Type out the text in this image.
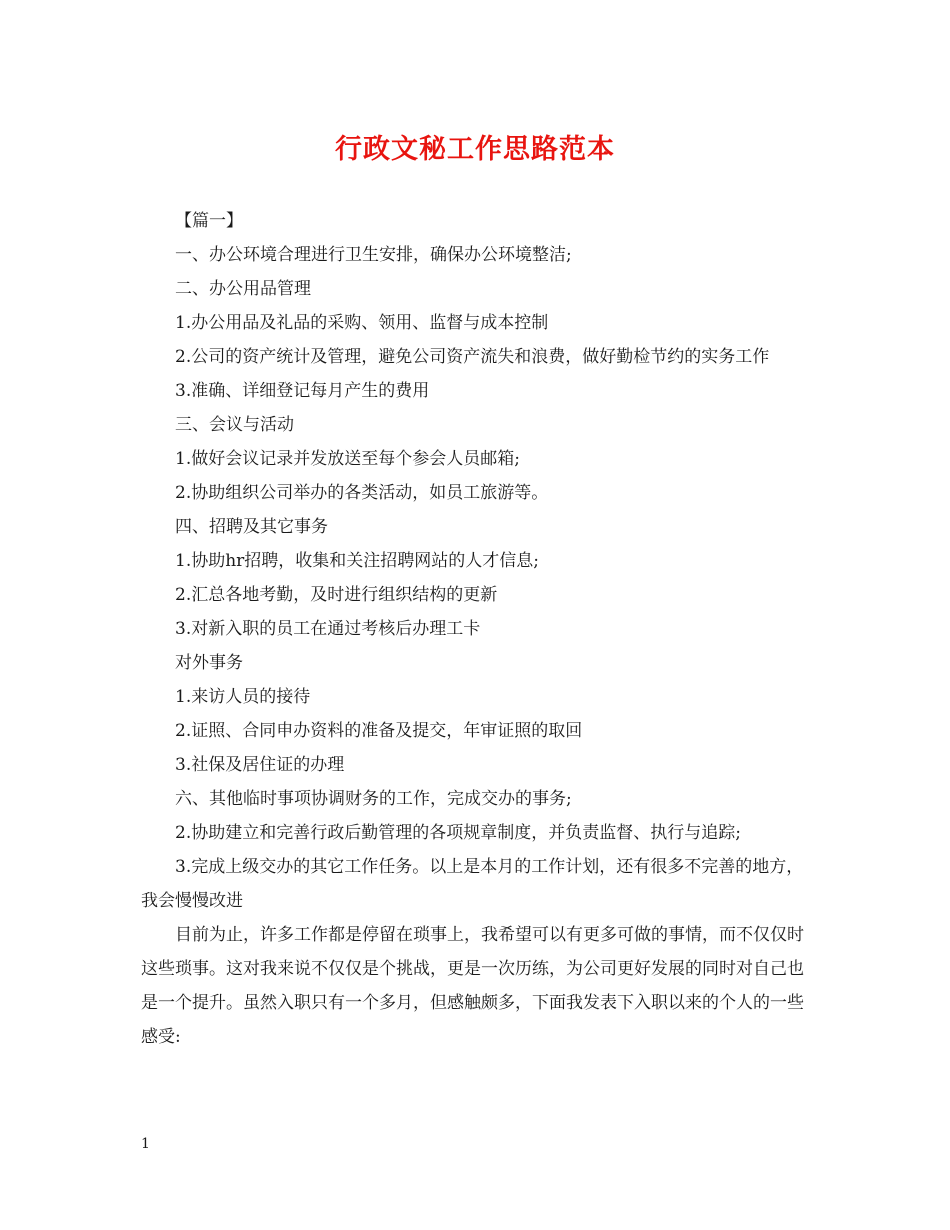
行政文秘工作思路范本

【篇一】

一、办公环境合理进行卫生安排，确保办公环境整洁;

二、办公用品管理

1.办公用品及礼品的采购、领用、监督与成本控制

2.公司的资产统计及管理，避免公司资产流失和浪费，做好勤检节约的实务工作

3.准确、详细登记每月产生的费用

三、会议与活动

1.做好会议记录并发放送至每个参会人员邮箱;

2.协助组织公司举办的各类活动，如员工旅游等。

四、招聘及其它事务

1.协助hr招聘，收集和关注招聘网站的人才信息;

2.汇总各地考勤，及时进行组织结构的更新

3.对新入职的员工在通过考核后办理工卡

对外事务

1.来访人员的接待

2.证照、合同申办资料的准备及提交，年审证照的取回

3.社保及居住证的办理

六、其他临时事项协调财务的工作，完成交办的事务;

2.协助建立和完善行政后勤管理的各项规章制度，并负责监督、执行与追踪;

3.完成上级交办的其它工作任务。以上是本月的工作计划，还有很多不完善的地方，我会慢慢改进

目前为止，许多工作都是停留在琐事上，我希望可以有更多可做的事情，而不仅仅时这些琐事。这对我来说不仅仅是个挑战，更是一次历练，为公司更好发展的同时对自己也是一个提升。虽然入职只有一个多月，但感触颇多，下面我发表下入职以来的个人的一些感受:

1
